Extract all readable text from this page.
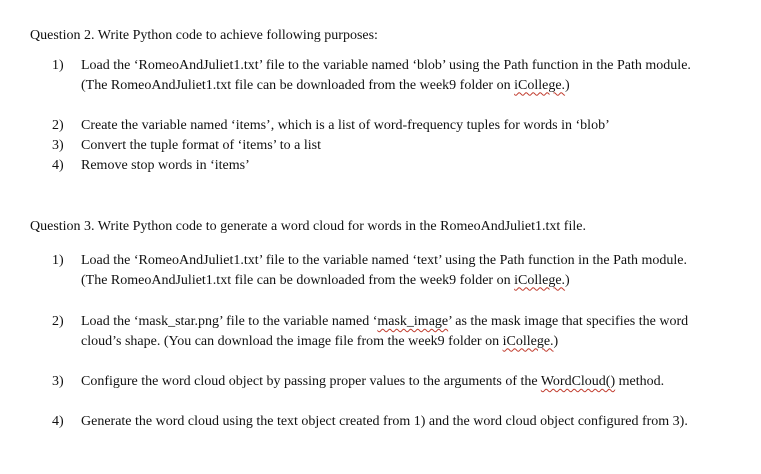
Question 2. Write Python code to achieve following purposes:
1) Load the ‘RomeoAndJuliet1.txt’ file to the variable named ‘blob’ using the Path function in the Path module. (The RomeoAndJuliet1.txt file can be downloaded from the week9 folder on iCollege.)
2) Create the variable named ‘items’, which is a list of word-frequency tuples for words in ‘blob’
3) Convert the tuple format of ‘items’ to a list
4) Remove stop words in ‘items’
Question 3. Write Python code to generate a word cloud for words in the RomeoAndJuliet1.txt file.
1) Load the ‘RomeoAndJuliet1.txt’ file to the variable named ‘text’ using the Path function in the Path module. (The RomeoAndJuliet1.txt file can be downloaded from the week9 folder on iCollege.)
2) Load the ‘mask_star.png’ file to the variable named ‘mask_image’ as the mask image that specifies the word cloud’s shape. (You can download the image file from the week9 folder on iCollege.)
3) Configure the word cloud object by passing proper values to the arguments of the WordCloud() method.
4) Generate the word cloud using the text object created from 1) and the word cloud object configured from 3).
